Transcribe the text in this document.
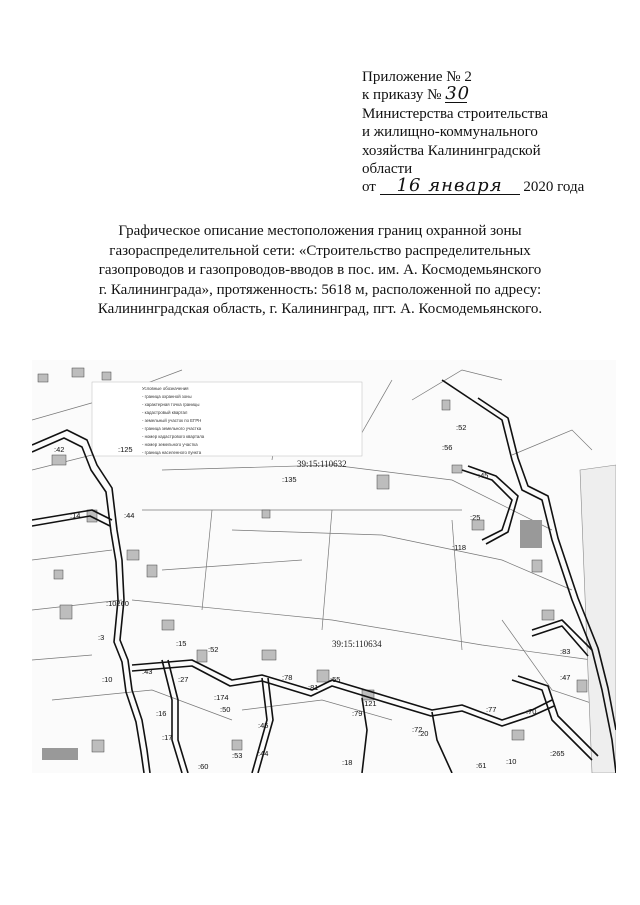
Приложение № 2
к приказу № 30
Министерства строительства
и жилищно-коммунального
хозяйства Калининградской
области
от 16 января 2020 года
Графическое описание местоположения границ охранной зоны
газораспределительной сети: «Строительство распределительных
газопроводов и газопроводов-вводов в пос. им. А. Космодемьянского
г. Калининграда», протяженность: 5618 м, расположенной по адресу:
Калининградская область, г. Калининград, пгт. А. Космодемьянского.
Условные обозначения
- граница охранной зоны
- характерная точка границы
- кадастровый квартал
- земельный участок по ЕГРН
- граница земельного участка
- номер кадастрового квартала
- номер земельного участка
- граница населенного пункта
39:15:110632
39:15:110634
:42	:125
:14	:44
:135
:10260
:3
:10
:15
:43
:27
:174
:16
:17
:60
:52
:50
:45
:53 :44
:78
:81
:55
:79
:121
:72
:18
:20
:77	:70
:83
:47
:265
:10
:61
:118
:25
:45
:52
:56
